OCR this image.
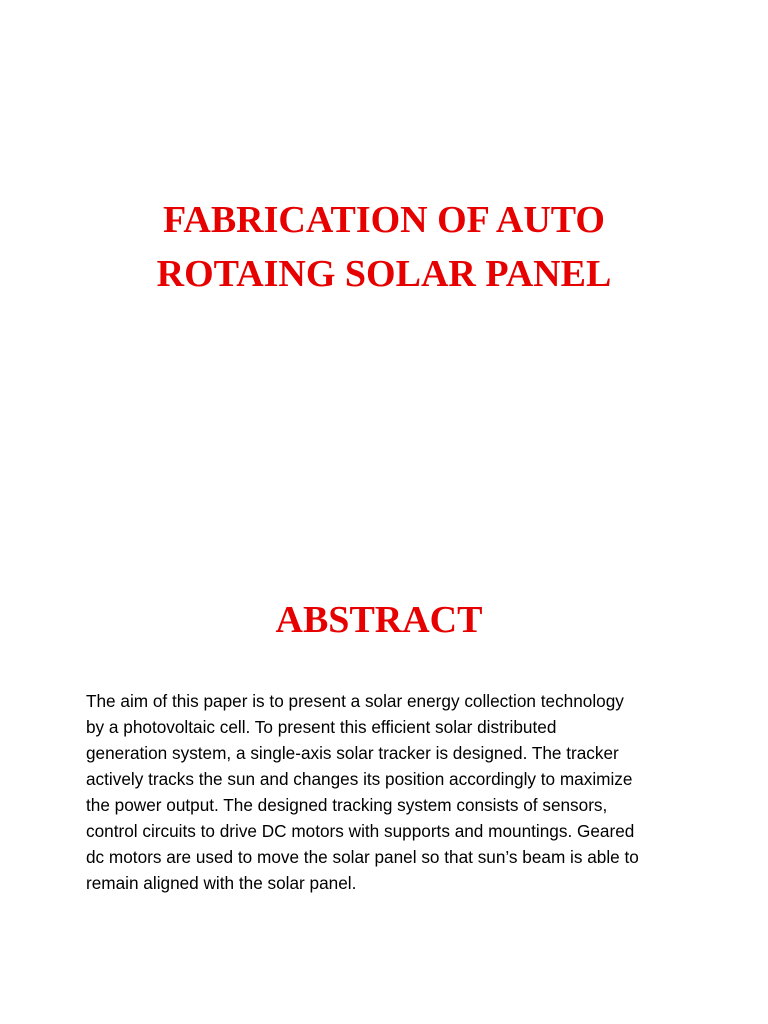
FABRICATION OF AUTO
ROTAING SOLAR PANEL
ABSTRACT

The aim of this paper is to present a solar energy collection technology
by a photovoltaic cell. To present this efficient solar distributed
generation system, a single-axis solar tracker is designed. The tracker
actively tracks the sun and changes its position accordingly to maximize
the power output. The designed tracking system consists of sensors,
control circuits to drive DC motors with supports and mountings. Geared
dc motors are used to move the solar panel so that sun’s beam is able to
remain aligned with the solar panel.
